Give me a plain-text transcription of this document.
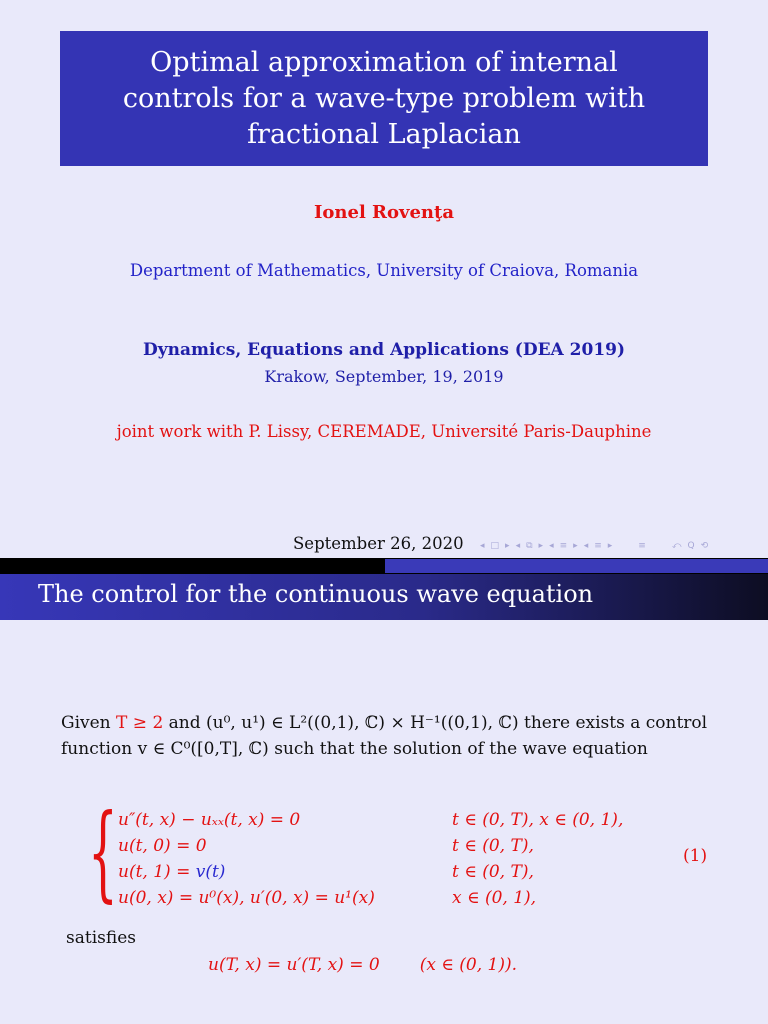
Optimal approximation of internal
controls for a wave-type problem with
fractional Laplacian
Ionel Rovenţa
Department of Mathematics, University of Craiova, Romania
Dynamics, Equations and Applications (DEA 2019)
Krakow, September, 19, 2019
joint work with P. Lissy, CEREMADE, Université Paris-Dauphine
September 26, 2020 ◂ □ ▸ ◂ ⧉ ▸ ◂ ≡ ▸ ◂ ≡ ▸	≡	⤺ Q ⟲
The control for the continuous wave equation
Given T ≥ 2 and (u⁰, u¹) ∈ L²((0,1), ℂ) × H⁻¹((0,1), ℂ) there exists a control function v ∈ C⁰([0,T], ℂ) such that the solution of the wave equation
{ u″(t, x) − uₓₓ(t, x) = 0	t ∈ (0, T), x ∈ (0, 1),
u(t, 0) = 0	t ∈ (0, T),
u(t, 1) = v(t)	t ∈ (0, T),
u(0, x) = u⁰(x), u′(0, x) = u¹(x)	x ∈ (0, 1),
(1)
satisfies
u(T, x) = u′(T, x) = 0 (x ∈ (0, 1)).
